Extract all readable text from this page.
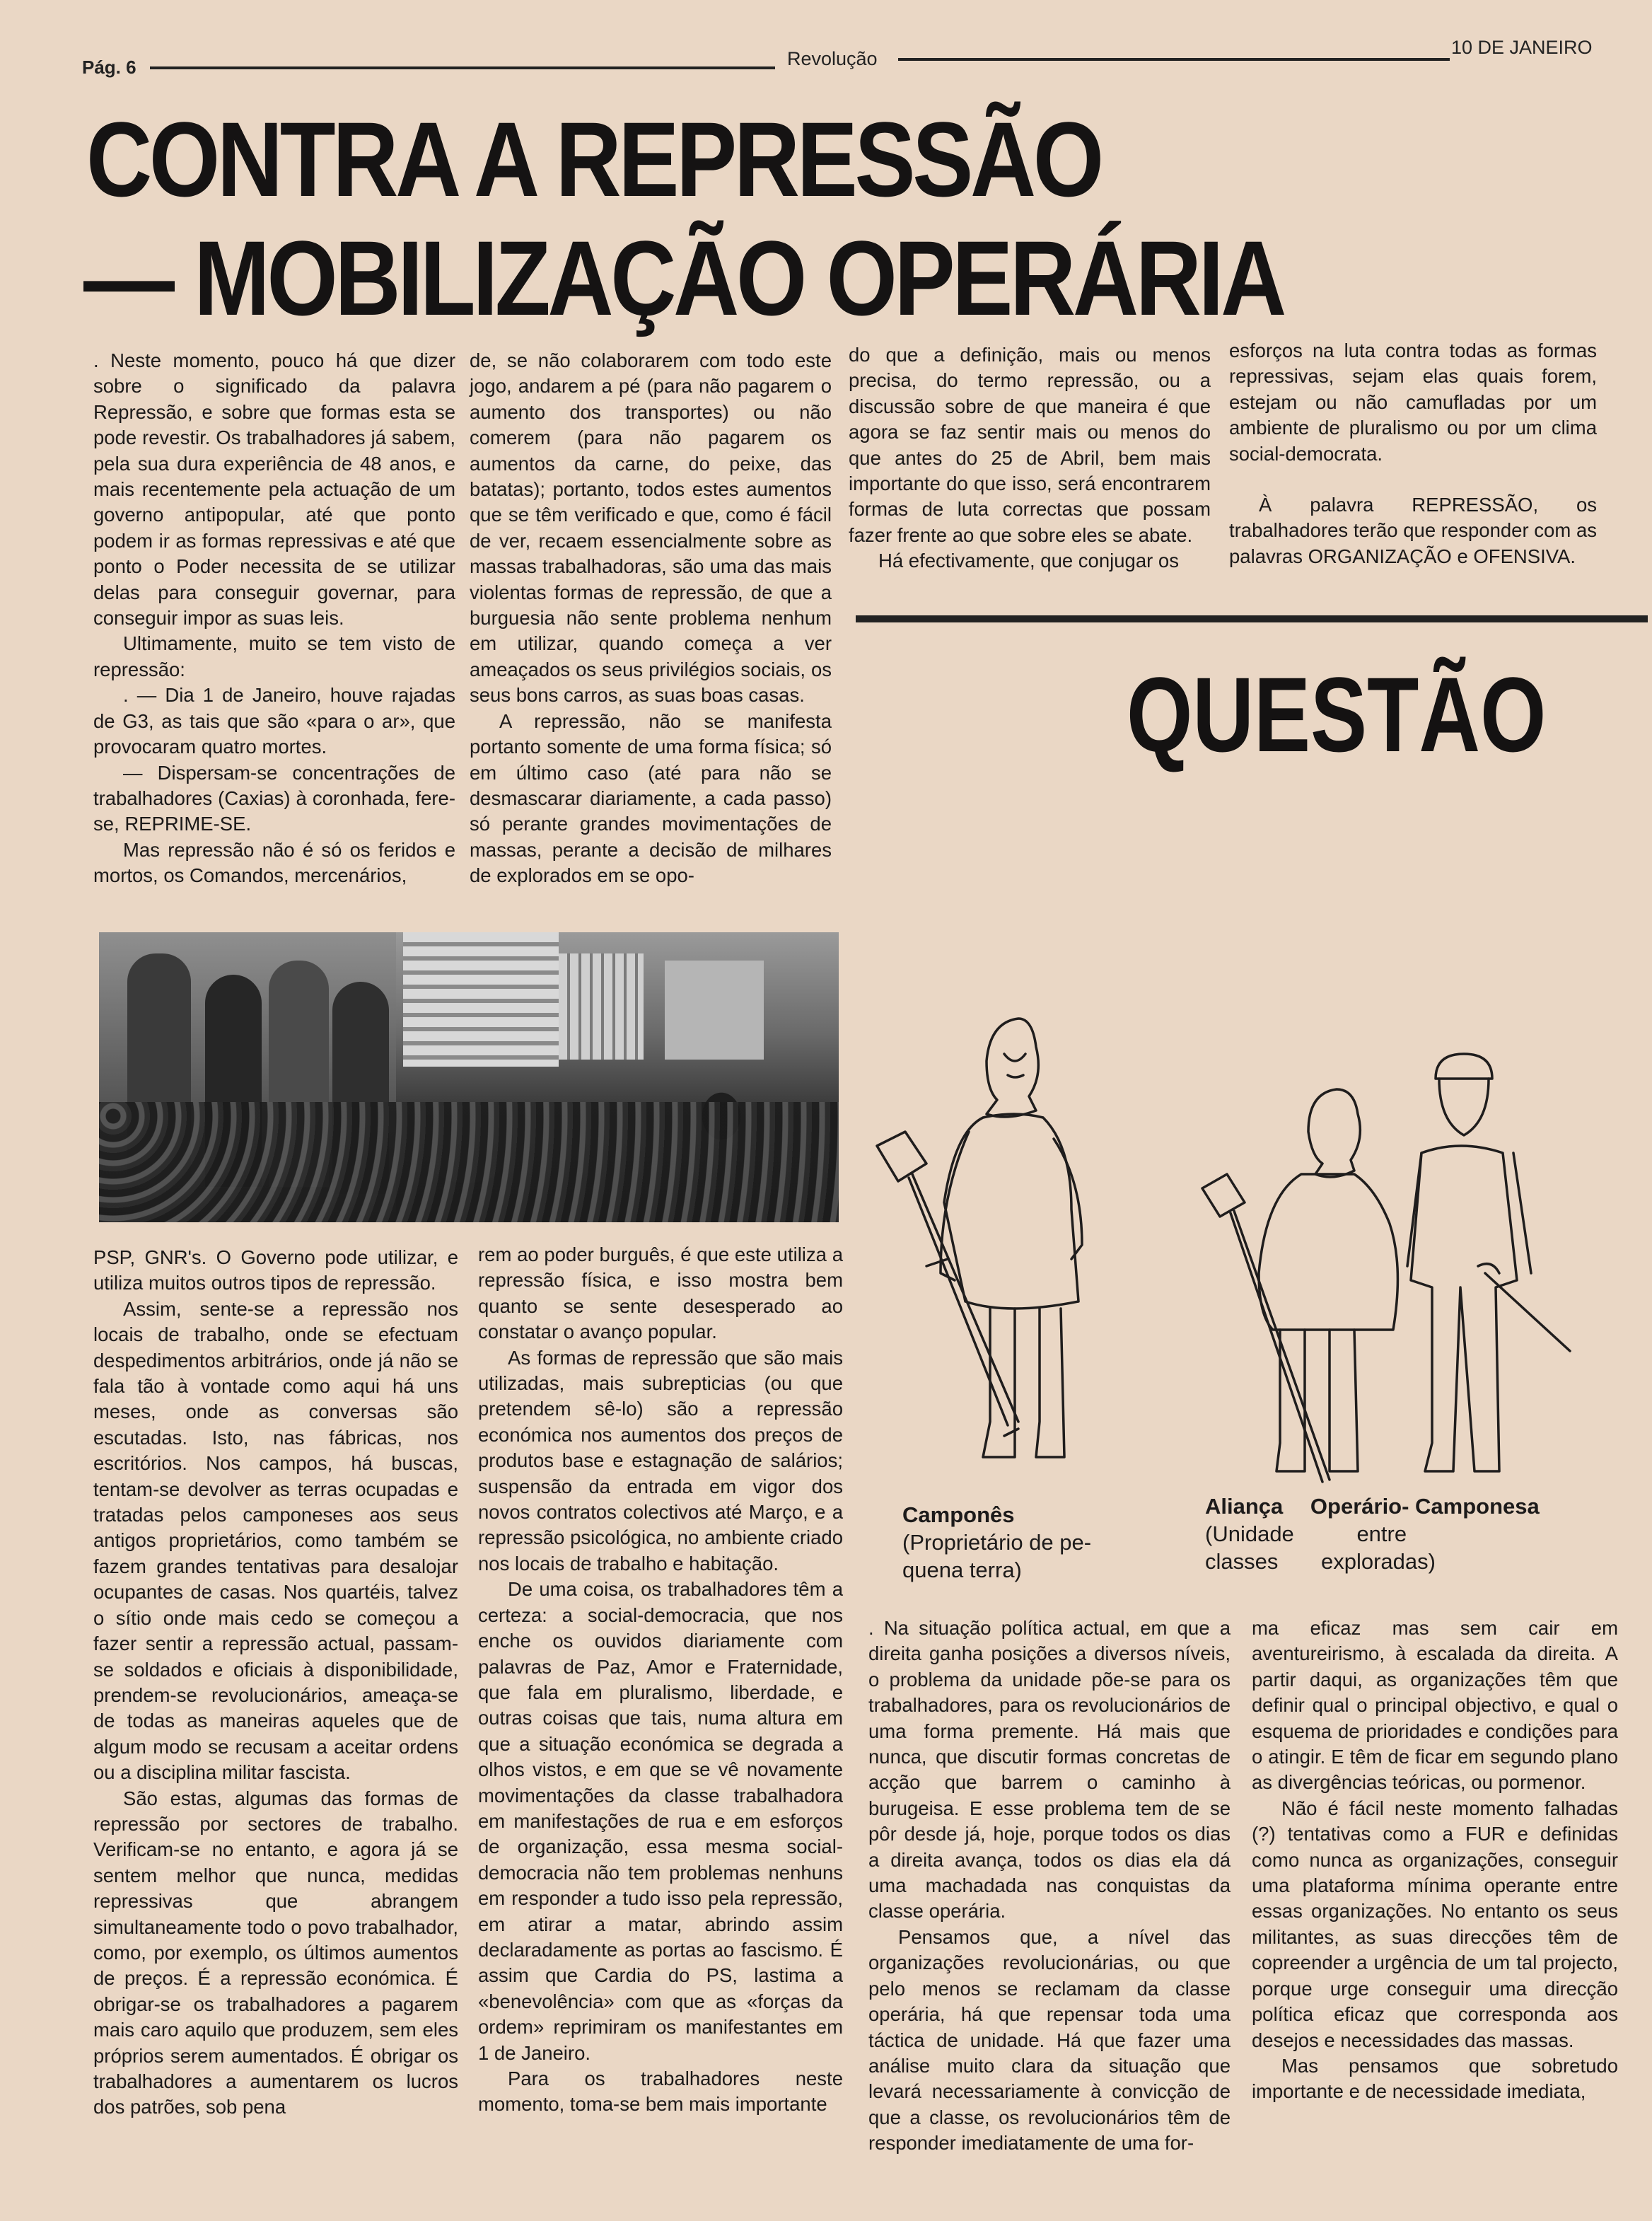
Pág. 6	Revolução
10 DE JANEIRO
CONTRA A REPRESSÃO
— MOBILIZAÇÃO OPERÁRIA

. Neste momento, pouco há que dizer sobre o significado da palavra Repressão, e sobre que formas esta se pode revestir. Os trabalhadores já sabem, pela sua dura experiência de 48 anos, e mais recentemente pela actuação de um governo antipopular, até que ponto podem ir as formas repressivas e até que ponto o Poder necessita de se utilizar delas para conseguir governar, para conseguir impor as suas leis.

Ultimamente, muito se tem visto de repressão:

. — Dia 1 de Janeiro, houve rajadas de G3, as tais que são «para o ar», que provocaram quatro mortes.

— Dispersam-se concentrações de trabalhadores (Caxias) à coronhada, fere-se, REPRIME-SE.

Mas repressão não é só os feridos e mortos, os Comandos, mercenários,

de, se não colaborarem com todo este jogo, andarem a pé (para não pagarem o aumento dos transportes) ou não comerem (para não pagarem os aumentos da carne, do peixe, das batatas); portanto, todos estes aumentos que se têm verificado e que, como é fácil de ver, recaem essencialmente sobre as massas trabalhadoras, são uma das mais violentas formas de repressão, de que a burguesia não sente problema nenhum em utilizar, quando começa a ver ameaçados os seus privilégios sociais, os seus bons carros, as suas boas casas.

A repressão, não se manifesta portanto somente de uma forma física; só em último caso (até para não se desmascarar diariamente, a cada passo) só perante grandes movimentações de massas, perante a decisão de milhares de explorados em se opo-

do que a definição, mais ou menos precisa, do termo repressão, ou a discussão sobre de que maneira é que agora se faz sentir mais ou menos do que antes do 25 de Abril, bem mais importante do que isso, será encontrarem formas de luta correctas que possam fazer frente ao que sobre eles se abate.

Há efectivamente, que conjugar os

esforços na luta contra todas as formas repressivas, sejam elas quais forem, estejam ou não camufladas por um ambiente de pluralismo ou por um clima social-democrata.

À palavra REPRESSÃO, os trabalhadores terão que responder com as palavras ORGANIZAÇÃO e OFENSIVA.

QUESTÃO

PSP, GNR's. O Governo pode utilizar, e utiliza muitos outros tipos de repressão.

Assim, sente-se a repressão nos locais de trabalho, onde se efectuam despedimentos arbitrários, onde já não se fala tão à vontade como aqui há uns meses, onde as conversas são escutadas. Isto, nas fábricas, nos escritórios. Nos campos, há buscas, tentam-se devolver as terras ocupadas e tratadas pelos camponeses aos seus antigos proprietários, como também se fazem grandes tentativas para desalojar ocupantes de casas. Nos quartéis, talvez o sítio onde mais cedo se começou a fazer sentir a repressão actual, passam-se soldados e oficiais à disponibilidade, prendem-se revolucionários, ameaça-se de todas as maneiras aqueles que de algum modo se recusam a aceitar ordens ou a disciplina militar fascista.

São estas, algumas das formas de repressão por sectores de trabalho. Verificam-se no entanto, e agora já se sentem melhor que nunca, medidas repressivas que abrangem simultaneamente todo o povo trabalhador, como, por exemplo, os últimos aumentos de preços. É a repressão económica. É obrigar-se os trabalhadores a pagarem mais caro aquilo que produzem, sem eles próprios serem aumentados. É obrigar os trabalhadores a aumentarem os lucros dos patrões, sob pena

rem ao poder burguês, é que este utiliza a repressão física, e isso mostra bem quanto se sente desesperado ao constatar o avanço popular.

As formas de repressão que são mais utilizadas, mais subrepticias (ou que pretendem sê-lo) são a repressão económica nos aumentos dos preços de produtos base e estagnação de salários; suspensão da entrada em vigor dos novos contratos colectivos até Março, e a repressão psicológica, no ambiente criado nos locais de trabalho e habitação.

De uma coisa, os trabalhadores têm a certeza: a social-democracia, que nos enche os ouvidos diariamente com palavras de Paz, Amor e Fraternidade, que fala em pluralismo, liberdade, e outras coisas que tais, numa altura em que a situação económica se degrada a olhos vistos, e em que se vê novamente movimentações da classe trabalhadora em manifestações de rua e em esforços de organização, essa mesma social-democracia não tem problemas nenhuns em responder a tudo isso pela repressão, em atirar a matar, abrindo assim declaradamente as portas ao fascismo. É assim que Cardia do PS, lastima a «benevolência» com que as «forças da ordem» reprimiram os manifestantes em 1 de Janeiro.

Para os trabalhadores neste momento, toma-se bem mais importante

Camponês
(Proprietário de pe-
quena terra)
Aliança Operário- Camponesa
(Unidade	entre
classes exploradas)

. Na situação política actual, em que a direita ganha posições a diversos níveis, o problema da unidade põe-se para os trabalhadores, para os revolucionários de uma forma premente. Há mais que nunca, que discutir formas concretas de acção que barrem o caminho à burugeisa. E esse problema tem de se pôr desde já, hoje, porque todos os dias a direita avança, todos os dias ela dá uma machadada nas conquistas da classe operária.

Pensamos que, a nível das organizações revolucionárias, ou que pelo menos se reclamam da classe operária, há que repensar toda uma táctica de unidade. Há que fazer uma análise muito clara da situação que levará necessariamente à convicção de que a classe, os revolucionários têm de responder imediatamente de uma for-

ma eficaz mas sem cair em aventureirismo, à escalada da direita. A partir daqui, as organizações têm que definir qual o principal objectivo, e qual o esquema de prioridades e condições para o atingir. E têm de ficar em segundo plano as divergências teóricas, ou pormenor.

Não é fácil neste momento falhadas (?) tentativas como a FUR e definidas como nunca as organizações, conseguir uma plataforma mínima operante entre essas organizações. No entanto os seus militantes, as suas direcções têm de copreender a urgência de um tal projecto, porque urge conseguir uma direcção política eficaz que corresponda aos desejos e necessidades das massas.

Mas pensamos que sobretudo importante e de necessidade imediata,
